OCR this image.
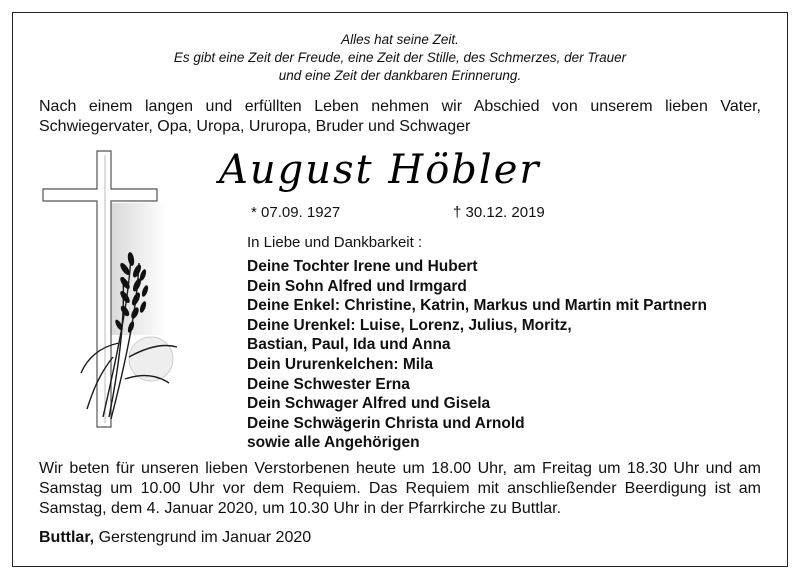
Alles hat seine Zeit.
Es gibt eine Zeit der Freude, eine Zeit der Stille, des Schmerzes, der Trauer
und eine Zeit der dankbaren Erinnerung.
Nach einem langen und erfüllten Leben nehmen wir Abschied von unserem lieben Vater, Schwiegervater, Opa, Uropa, Ururopa, Bruder und Schwager
August Höbler
* 07.09. 1927	† 30.12. 2019
In Liebe und Dankbarkeit :
Deine Tochter Irene und Hubert
Dein Sohn Alfred und Irmgard
Deine Enkel: Christine, Katrin, Markus und Martin mit Partnern
Deine Urenkel: Luise, Lorenz, Julius, Moritz,
Bastian, Paul, Ida und Anna
Dein Ururenkelchen: Mila
Deine Schwester Erna
Dein Schwager Alfred und Gisela
Deine Schwägerin Christa und Arnold
sowie alle Angehörigen
Wir beten für unseren lieben Verstorbenen heute um 18.00 Uhr, am Freitag um 18.30 Uhr und am Samstag um 10.00 Uhr vor dem Requiem. Das Requiem mit anschließender Beerdigung ist am Samstag, dem 4. Januar 2020, um 10.30 Uhr in der Pfarrkirche zu Buttlar.
Buttlar, Gerstengrund im Januar 2020
